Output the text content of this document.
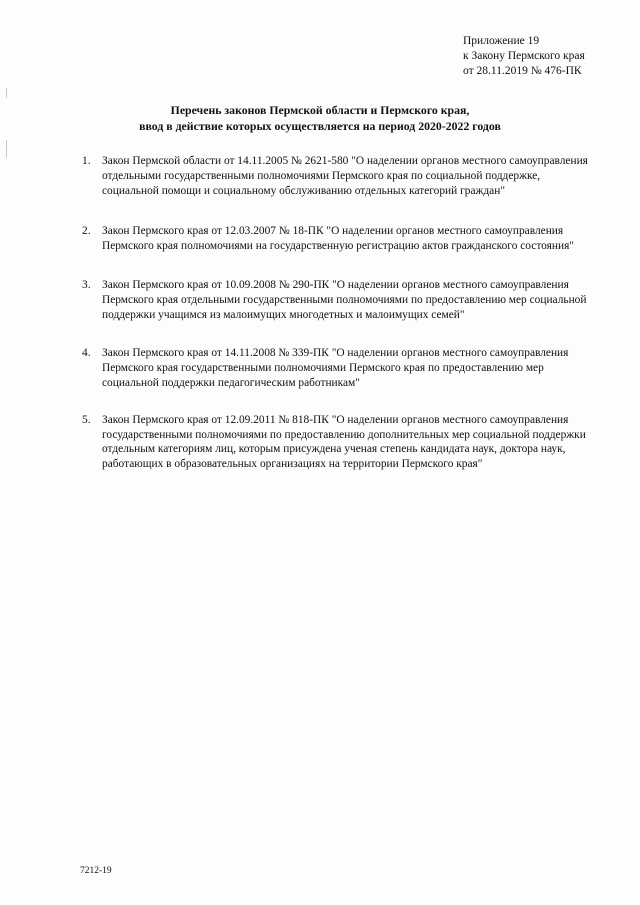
Приложение 19
к Закону Пермского края
от 28.11.2019 № 476-ПК
Перечень законов Пермской области и Пермского края,
ввод в действие которых осуществляется на период 2020-2022 годов
1. Закон Пермской области от 14.11.2005 № 2621-580 "О наделении органов местного самоуправления
отдельными государственными полномочиями Пермского края по социальной поддержке,
социальной помощи и социальному обслуживанию отдельных категорий граждан"
2. Закон Пермского края от 12.03.2007 № 18-ПК "О наделении органов местного самоуправления
Пермского края полномочиями на государственную регистрацию актов гражданского состояния"
3. Закон Пермского края от 10.09.2008 № 290-ПК "О наделении органов местного самоуправления
Пермского края отдельными государственными полномочиями по предоставлению мер социальной
поддержки учащимся из малоимущих многодетных и малоимущих семей"
4. Закон Пермского края от 14.11.2008 № 339-ПК "О наделении органов местного самоуправления
Пермского края государственными полномочиями Пермского края по предоставлению мер
социальной поддержки педагогическим работникам"
5. Закон Пермского края от 12.09.2011 № 818-ПК "О наделении органов местного самоуправления
государственными полномочиями по предоставлению дополнительных мер социальной поддержки
отдельным категориям лиц, которым присуждена ученая степень кандидата наук, доктора наук,
работающих в образовательных организациях на территории Пермского края"
7212-19
